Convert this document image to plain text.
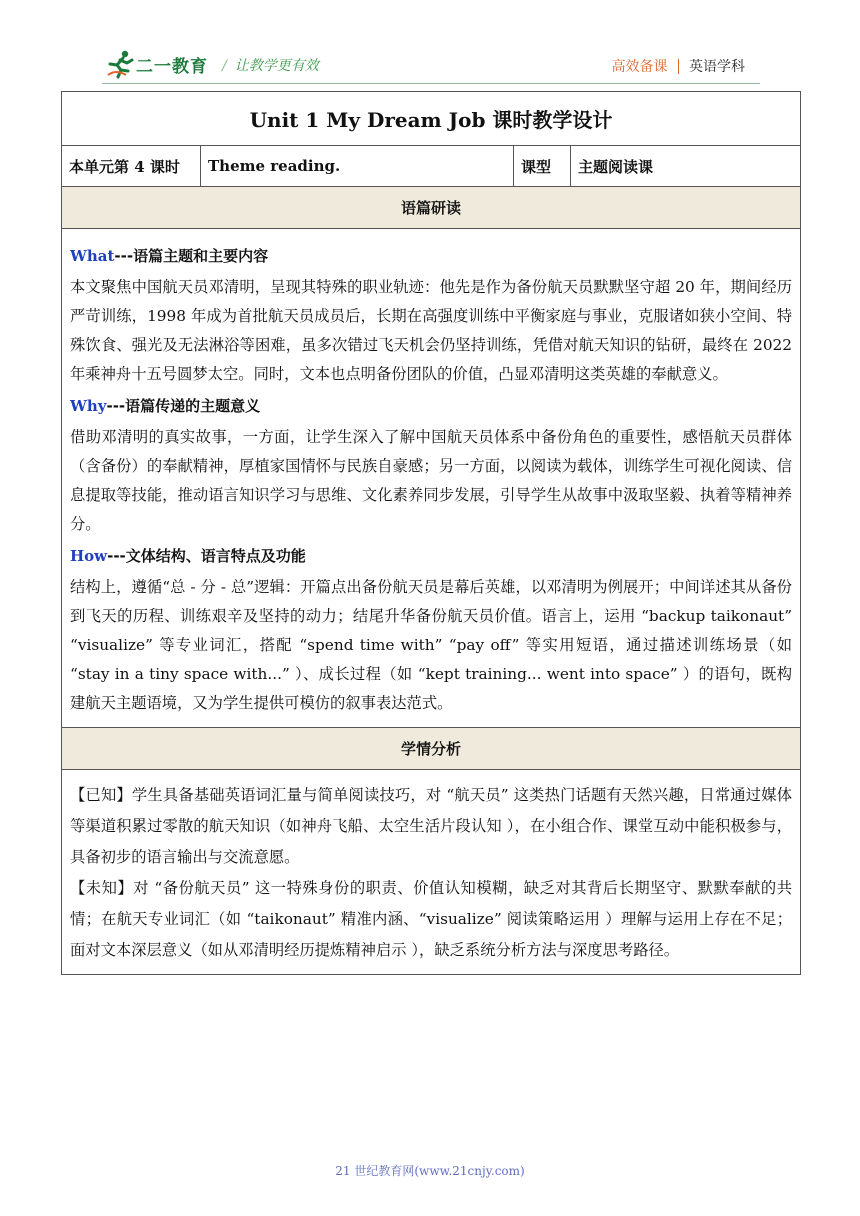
二一教育 / 让教学更有效	高效备课 英语学科
Unit 1 My Dream Job 课时教学设计
本单元第 4 课时	Theme reading.	课型	主题阅读课
语篇研读

What---语篇主题和主要内容

本文聚焦中国航天员邓清明，呈现其特殊的职业轨迹：他先是作为备份航天员默默坚守超 20 年，期间经历严苛训练，1998 年成为首批航天员成员后，长期在高强度训练中平衡家庭与事业，克服诸如狭小空间、特殊饮食、强光及无法淋浴等困难，虽多次错过飞天机会仍坚持训练，凭借对航天知识的钻研，最终在 2022 年乘神舟十五号圆梦太空。同时，文本也点明备份团队的价值，凸显邓清明这类英雄的奉献意义。

Why---语篇传递的主题意义

借助邓清明的真实故事，一方面，让学生深入了解中国航天员体系中备份角色的重要性，感悟航天员群体（含备份）的奉献精神，厚植家国情怀与民族自豪感；另一方面，以阅读为载体，训练学生可视化阅读、信息提取等技能，推动语言知识学习与思维、文化素养同步发展，引导学生从故事中汲取坚毅、执着等精神养分。

How---文体结构、语言特点及功能

结构上，遵循“总 - 分 - 总”逻辑：开篇点出备份航天员是幕后英雄，以邓清明为例展开；中间详述其从备份到飞天的历程、训练艰辛及坚持的动力；结尾升华备份航天员价值。语言上，运用 “backup taikonaut” “visualize” 等专业词汇，搭配 “spend time with” “pay off” 等实用短语，通过描述训练场景（如 “stay in a tiny space with...” ）、成长过程（如 “kept training... went into space” ）的语句，既构建航天主题语境，又为学生提供可模仿的叙事表达范式。

学情分析

【已知】学生具备基础英语词汇量与简单阅读技巧，对 “航天员” 这类热门话题有天然兴趣，日常通过媒体等渠道积累过零散的航天知识（如神舟飞船、太空生活片段认知 ），在小组合作、课堂互动中能积极参与，具备初步的语言输出与交流意愿。

【未知】对 “备份航天员” 这一特殊身份的职责、价值认知模糊，缺乏对其背后长期坚守、默默奉献的共情；在航天专业词汇（如 “taikonaut” 精准内涵、“visualize” 阅读策略运用 ）理解与运用上存在不足；面对文本深层意义（如从邓清明经历提炼精神启示 ），缺乏系统分析方法与深度思考路径。

21 世纪教育网(www.21cnjy.com)
